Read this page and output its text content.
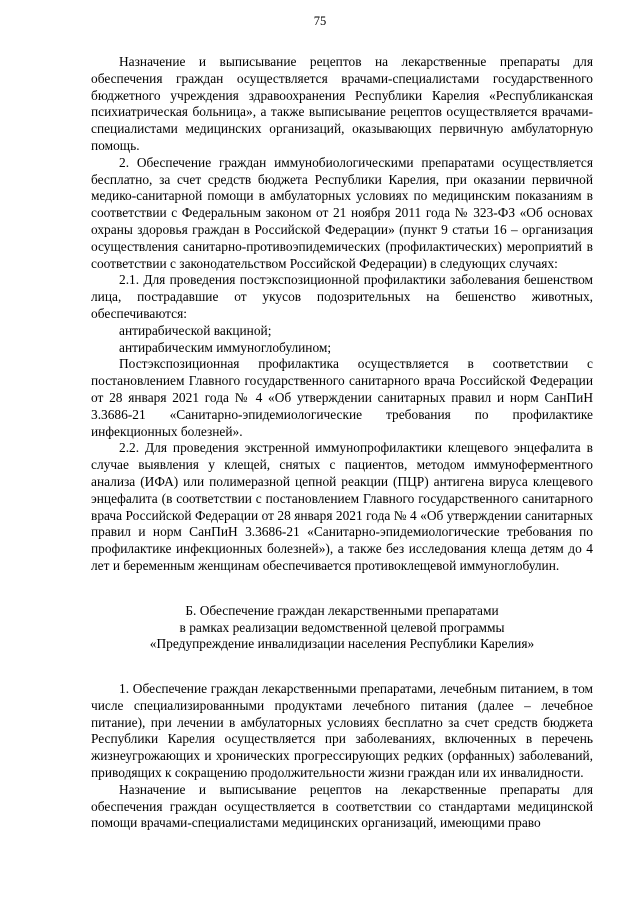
75

Назначение и выписывание рецептов на лекарственные препараты для обеспечения граждан осуществляется врачами-специалистами государственного бюджетного учреждения здравоохранения Республики Карелия «Республиканская психиатрическая больница», а также выписывание рецептов осуществляется врачами-специалистами медицинских организаций, оказывающих первичную амбулаторную помощь.

2. Обеспечение граждан иммунобиологическими препаратами осуществляется бесплатно, за счет средств бюджета Республики Карелия, при оказании первичной медико-санитарной помощи в амбулаторных условиях по медицинским показаниям в соответствии с Федеральным законом от 21 ноября 2011 года № 323-ФЗ «Об основах охраны здоровья граждан в Российской Федерации» (пункт 9 статьи 16 – организация осуществления санитарно-противоэпидемических (профилактических) мероприятий в соответствии с законодательством Российской Федерации) в следующих случаях:

2.1. Для проведения постэкспозиционной профилактики заболевания бешенством лица, пострадавшие от укусов подозрительных на бешенство животных, обеспечиваются:

антирабической вакциной;

антирабическим иммуноглобулином;

Постэкспозиционная профилактика осуществляется в соответствии с постановлением Главного государственного санитарного врача Российской Федерации от 28 января 2021 года № 4 «Об утверждении санитарных правил и норм СанПиН 3.3686-21 «Санитарно-эпидемиологические требования по профилактике инфекционных болезней».

2.2. Для проведения экстренной иммунопрофилактики клещевого энцефалита в случае выявления у клещей, снятых с пациентов, методом иммуноферментного анализа (ИФА) или полимеразной цепной реакции (ПЦР) антигена вируса клещевого энцефалита (в соответствии с постановлением Главного государственного санитарного врача Российской Федерации от 28 января 2021 года № 4 «Об утверждении санитарных правил и норм СанПиН 3.3686-21 «Санитарно-эпидемиологические требования по профилактике инфекционных болезней»), а также без исследования клеща детям до 4 лет и беременным женщинам обеспечивается противоклещевой иммуноглобулин.

Б. Обеспечение граждан лекарственными препаратами
в рамках реализации ведомственной целевой программы
«Предупреждение инвалидизации населения Республики Карелия»

1. Обеспечение граждан лекарственными препаратами, лечебным питанием, в том числе специализированными продуктами лечебного питания (далее – лечебное питание), при лечении в амбулаторных условиях бесплатно за счет средств бюджета Республики Карелия осуществляется при заболеваниях, включенных в перечень жизнеугрожающих и хронических прогрессирующих редких (орфанных) заболеваний, приводящих к сокращению продолжительности жизни граждан или их инвалидности.

Назначение и выписывание рецептов на лекарственные препараты для обеспечения граждан осуществляется в соответствии со стандартами медицинской помощи врачами-специалистами медицинских организаций, имеющими право
